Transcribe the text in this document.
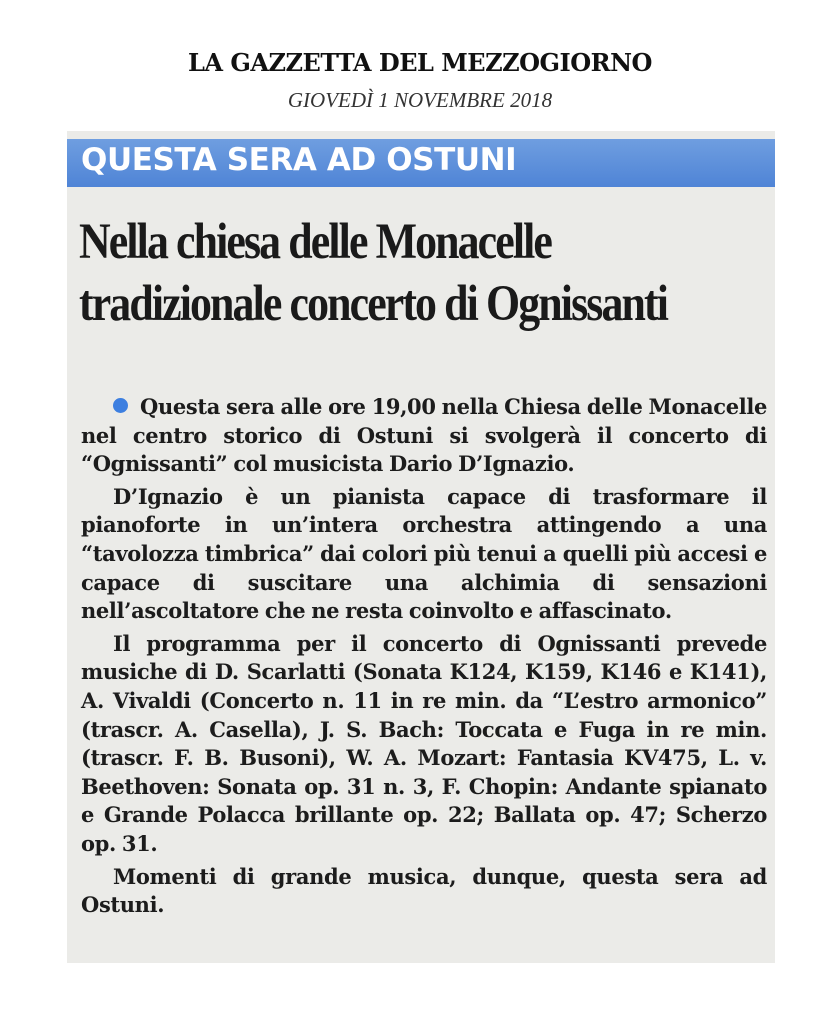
LA GAZZETTA DEL MEZZOGIORNO
GIOVEDÌ 1 NOVEMBRE 2018
QUESTA SERA AD OSTUNI
Nella chiesa delle Monacelle
tradizionale concerto di Ognissanti

Questa sera alle ore 19,00 nella Chiesa delle Monacelle nel centro storico di Ostuni si svolgerà il concerto di “Ognissanti” col musicista Dario D’Ignazio.

D’Ignazio è un pianista capace di trasformare il pianoforte in un’intera orchestra attingendo a una “tavolozza timbrica” dai colori più tenui a quelli più accesi e capace di suscitare una alchimia di sensazioni nell’ascoltatore che ne resta coinvolto e affascinato.

Il programma per il concerto di Ognissanti prevede musiche di D. Scarlatti (Sonata K124, K159, K146 e K141), A. Vivaldi (Concerto n. 11 in re min. da “L’estro armonico” (trascr. A. Casella), J. S. Bach: Toccata e Fuga in re min. (trascr. F. B. Busoni), W. A. Mozart: Fantasia KV475, L. v. Beethoven: Sonata op. 31 n. 3, F. Chopin: Andante spianato e Grande Polacca brillante op. 22; Ballata op. 47; Scherzo op. 31.

Momenti di grande musica, dunque, questa sera ad Ostuni.
